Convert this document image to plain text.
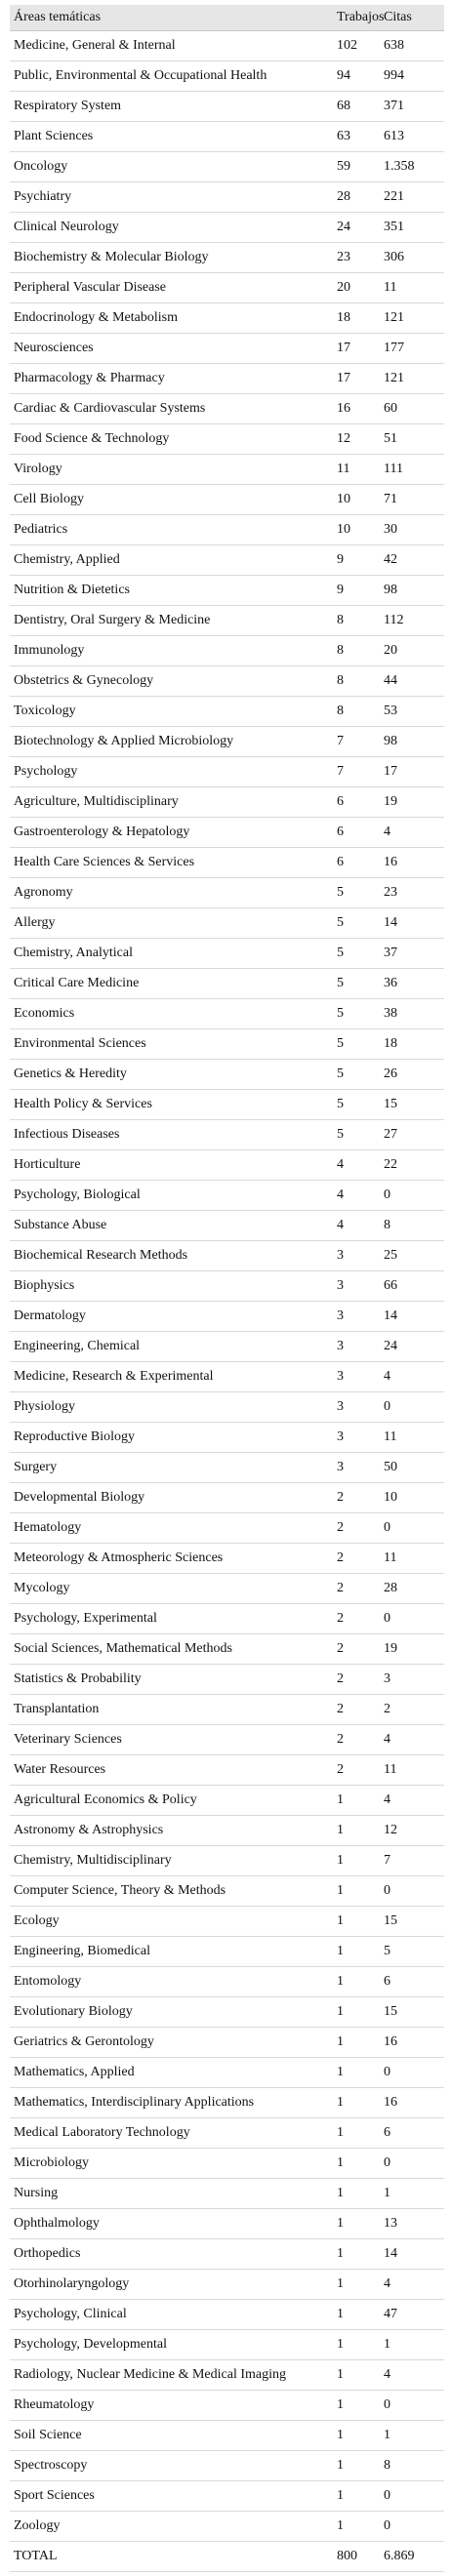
Áreas temáticas	Trabajos	Citas
Medicine, General & Internal	102	638
Public, Environmental & Occupational Health	94	994
Respiratory System	68	371
Plant Sciences	63	613
Oncology	59	1.358
Psychiatry	28	221
Clinical Neurology	24	351
Biochemistry & Molecular Biology	23	306
Peripheral Vascular Disease	20	11
Endocrinology & Metabolism	18	121
Neurosciences	17	177
Pharmacology & Pharmacy	17	121
Cardiac & Cardiovascular Systems	16	60
Food Science & Technology	12	51
Virology	11	111
Cell Biology	10	71
Pediatrics	10	30
Chemistry, Applied	9	42
Nutrition & Dietetics	9	98
Dentistry, Oral Surgery & Medicine	8	112
Immunology	8	20
Obstetrics & Gynecology	8	44
Toxicology	8	53
Biotechnology & Applied Microbiology	7	98
Psychology	7	17
Agriculture, Multidisciplinary	6	19
Gastroenterology & Hepatology	6	4
Health Care Sciences & Services	6	16
Agronomy	5	23
Allergy	5	14
Chemistry, Analytical	5	37
Critical Care Medicine	5	36
Economics	5	38
Environmental Sciences	5	18
Genetics & Heredity	5	26
Health Policy & Services	5	15
Infectious Diseases	5	27
Horticulture	4	22
Psychology, Biological	4	0
Substance Abuse	4	8
Biochemical Research Methods	3	25
Biophysics	3	66
Dermatology	3	14
Engineering, Chemical	3	24
Medicine, Research & Experimental	3	4
Physiology	3	0
Reproductive Biology	3	11
Surgery	3	50
Developmental Biology	2	10
Hematology	2	0
Meteorology & Atmospheric Sciences	2	11
Mycology	2	28
Psychology, Experimental	2	0
Social Sciences, Mathematical Methods	2	19
Statistics & Probability	2	3
Transplantation	2	2
Veterinary Sciences	2	4
Water Resources	2	11
Agricultural Economics & Policy	1	4
Astronomy & Astrophysics	1	12
Chemistry, Multidisciplinary	1	7
Computer Science, Theory & Methods	1	0
Ecology	1	15
Engineering, Biomedical	1	5
Entomology	1	6
Evolutionary Biology	1	15
Geriatrics & Gerontology	1	16
Mathematics, Applied	1	0
Mathematics, Interdisciplinary Applications	1	16
Medical Laboratory Technology	1	6
Microbiology	1	0
Nursing	1	1
Ophthalmology	1	13
Orthopedics	1	14
Otorhinolaryngology	1	4
Psychology, Clinical	1	47
Psychology, Developmental	1	1
Radiology, Nuclear Medicine & Medical Imaging	1	4
Rheumatology	1	0
Soil Science	1	1
Spectroscopy	1	8
Sport Sciences	1	0
Zoology	1	0
TOTAL	800	6.869
